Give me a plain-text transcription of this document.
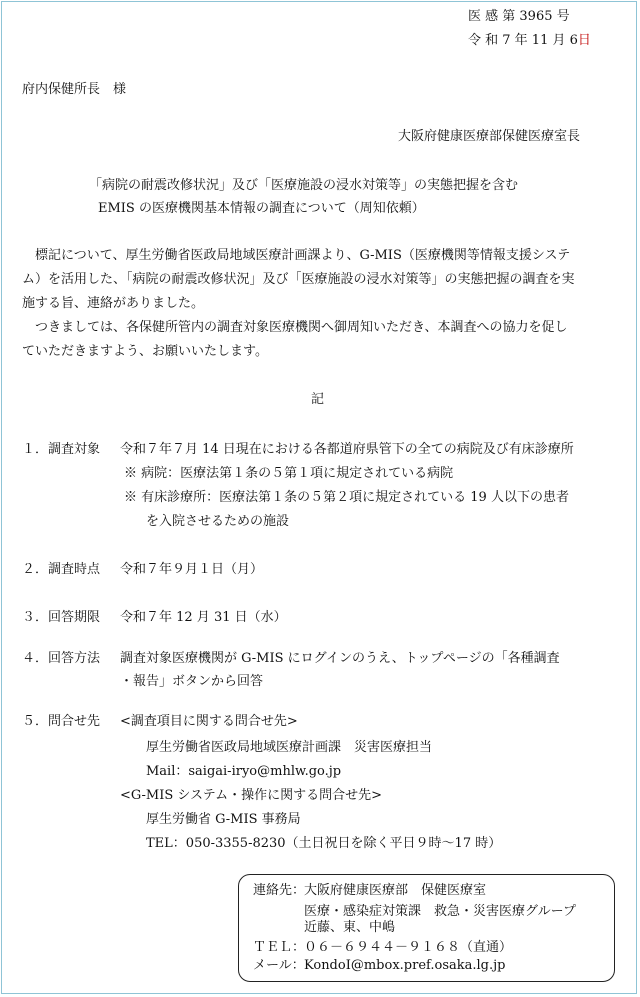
医 感 第 3965 号
令 和 7 年 11 月 6日
府内保健所長　様
大阪府健康医療部保健医療室長
「病院の耐震改修状況」及び「医療施設の浸水対策等」の実態把握を含む
EMIS の医療機関基本情報の調査について（周知依頼）
　標記について、厚生労働省医政局地域医療計画課より、G-MIS（医療機関等情報支援システ
ム）を活用した、「病院の耐震改修状況」及び「医療施設の浸水対策等」の実態把握の調査を実
施する旨、連絡がありました。
　つきましては、各保健所管内の調査対象医療機関へ御周知いただき、本調査への協力を促し
ていただきますよう、お願いいたします。
記
１．調査対象 令和７年７月 14 日現在における各都道府県管下の全ての病院及び有床診療所
※ 病院：医療法第１条の５第１項に規定されている病院
※ 有床診療所：医療法第１条の５第２項に規定されている 19 人以下の患者
を入院させるための施設
２．調査時点 令和７年９月１日（月）
３．回答期限 令和７年 12 月 31 日（水）
４．回答方法 調査対象医療機関が G-MIS にログインのうえ、トップページの「各種調査
・報告」ボタンから回答
５．問合せ先 <調査項目に関する問合せ先>
厚生労働省医政局地域医療計画課　災害医療担当
Mail：saigai-iryo@mhlw.go.jp
<G-MIS システム・操作に関する問合せ先>
厚生労働省 G-MIS 事務局
TEL：050-3355-8230（土日祝日を除く平日９時～17 時）
連絡先：
大阪府健康医療部　保健医療室
医療・感染症対策課　救急・災害医療グループ
近藤、東、中嶋
ＴＥＬ：
０６－６９４４－９１６８（直通）
メール： KondoI@mbox.pref.osaka.lg.jp
